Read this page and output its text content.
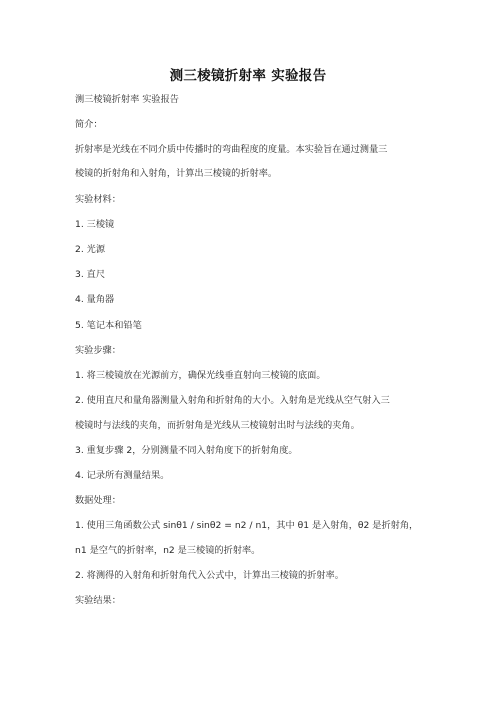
测三棱镜折射率 实验报告
测三棱镜折射率 实验报告
简介：
折射率是光线在不同介质中传播时的弯曲程度的度量。本实验旨在通过测量三
棱镜的折射角和入射角，计算出三棱镜的折射率。
实验材料：
1. 三棱镜
2. 光源
3. 直尺
4. 量角器
5. 笔记本和铅笔
实验步骤：
1. 将三棱镜放在光源前方，确保光线垂直射向三棱镜的底面。
2. 使用直尺和量角器测量入射角和折射角的大小。入射角是光线从空气射入三
棱镜时与法线的夹角，而折射角是光线从三棱镜射出时与法线的夹角。
3. 重复步骤 2，分别测量不同入射角度下的折射角度。
4. 记录所有测量结果。
数据处理：
1. 使用三角函数公式 sinθ1 / sinθ2 = n2 / n1，其中 θ1 是入射角，θ2 是折射角，
n1 是空气的折射率，n2 是三棱镜的折射率。
2. 将测得的入射角和折射角代入公式中，计算出三棱镜的折射率。
实验结果：
